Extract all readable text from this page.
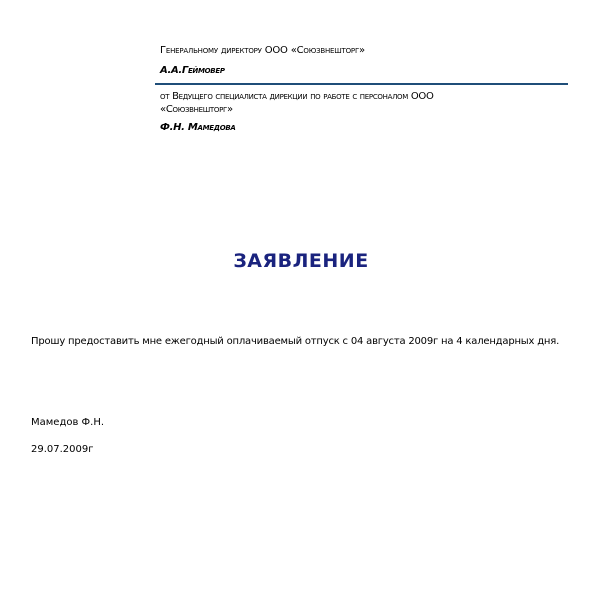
Генеральному директору ООО «Союзвнешторг»
А.А.Геймовер
от Ведущего специалиста дирекции по работе с персоналом ООО
«Союзвнешторг»
Ф.Н. Мамедова
ЗАЯВЛЕНИЕ
Прошу предоставить мне ежегодный оплачиваемый отпуск с 04 августа 2009г на 4 календарных дня.
Мамедов Ф.Н.
29.07.2009г
